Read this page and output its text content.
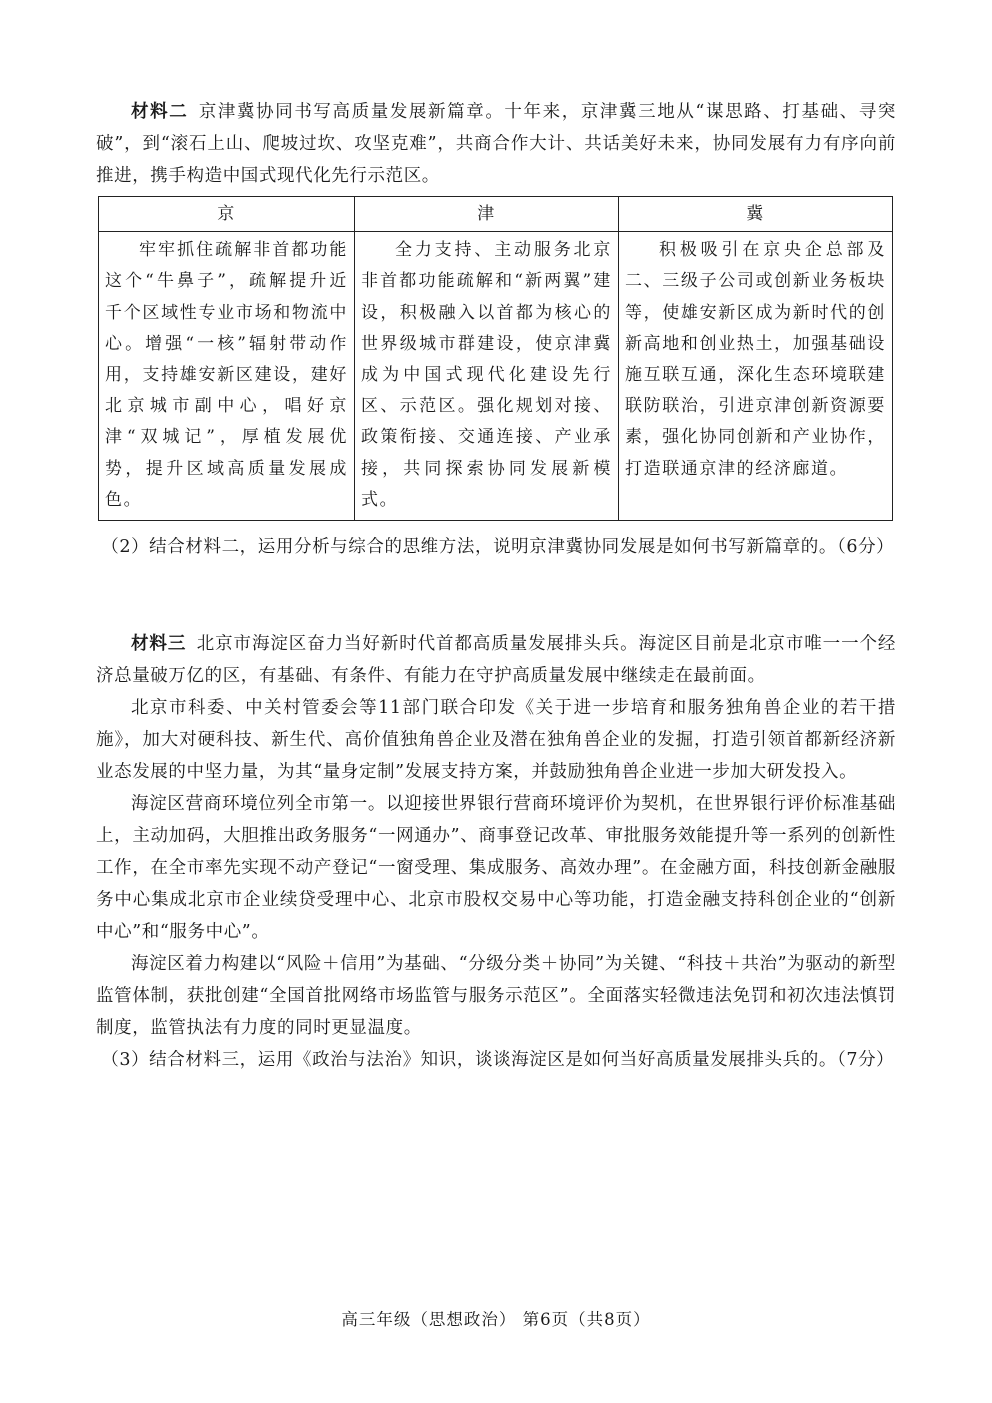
材料二 京津冀协同书写高质量发展新篇章。十年来，京津冀三地从“谋思路、打基础、寻突破”，到“滚石上山、爬坡过坎、攻坚克难”，共商合作大计、共话美好未来，协同发展有力有序向前推进，携手构造中国式现代化先行示范区。

京	津	冀
牢牢抓住疏解非首都功能这个“牛鼻子”，疏解提升近千个区域性专业市场和物流中心。增强“一核”辐射带动作用，支持雄安新区建设，建好北京城市副中心，唱好京津“双城记”，厚植发展优势，提升区域高质量发展成色。	全力支持、主动服务北京非首都功能疏解和“新两翼”建设，积极融入以首都为核心的世界级城市群建设，使京津冀成为中国式现代化建设先行区、示范区。强化规划对接、政策衔接、交通连接、产业承接，共同探索协同发展新模式。	积极吸引在京央企总部及二、三级子公司或创新业务板块等，使雄安新区成为新时代的创新高地和创业热土，加强基础设施互联互通，深化生态环境联建联防联治，引进京津创新资源要素，强化协同创新和产业协作，打造联通京津的经济廊道。

（2）结合材料二，运用分析与综合的思维方法，说明京津冀协同发展是如何书写新篇章的。（6分）

材料三 北京市海淀区奋力当好新时代首都高质量发展排头兵。海淀区目前是北京市唯一一个经济总量破万亿的区，有基础、有条件、有能力在守护高质量发展中继续走在最前面。

北京市科委、中关村管委会等11部门联合印发《关于进一步培育和服务独角兽企业的若干措施》，加大对硬科技、新生代、高价值独角兽企业及潜在独角兽企业的发掘，打造引领首都新经济新业态发展的中坚力量，为其“量身定制”发展支持方案，并鼓励独角兽企业进一步加大研发投入。

海淀区营商环境位列全市第一。以迎接世界银行营商环境评价为契机，在世界银行评价标准基础上，主动加码，大胆推出政务服务“一网通办”、商事登记改革、审批服务效能提升等一系列的创新性工作，在全市率先实现不动产登记“一窗受理、集成服务、高效办理”。在金融方面，科技创新金融服务中心集成北京市企业续贷受理中心、北京市股权交易中心等功能，打造金融支持科创企业的“创新中心”和“服务中心”。

海淀区着力构建以“风险＋信用”为基础、“分级分类＋协同”为关键、“科技＋共治”为驱动的新型监管体制，获批创建“全国首批网络市场监管与服务示范区”。全面落实轻微违法免罚和初次违法慎罚制度，监管执法有力度的同时更显温度。

（3）结合材料三，运用《政治与法治》知识，谈谈海淀区是如何当好高质量发展排头兵的。（7分）

高三年级（思想政治） 第6页（共8页）
